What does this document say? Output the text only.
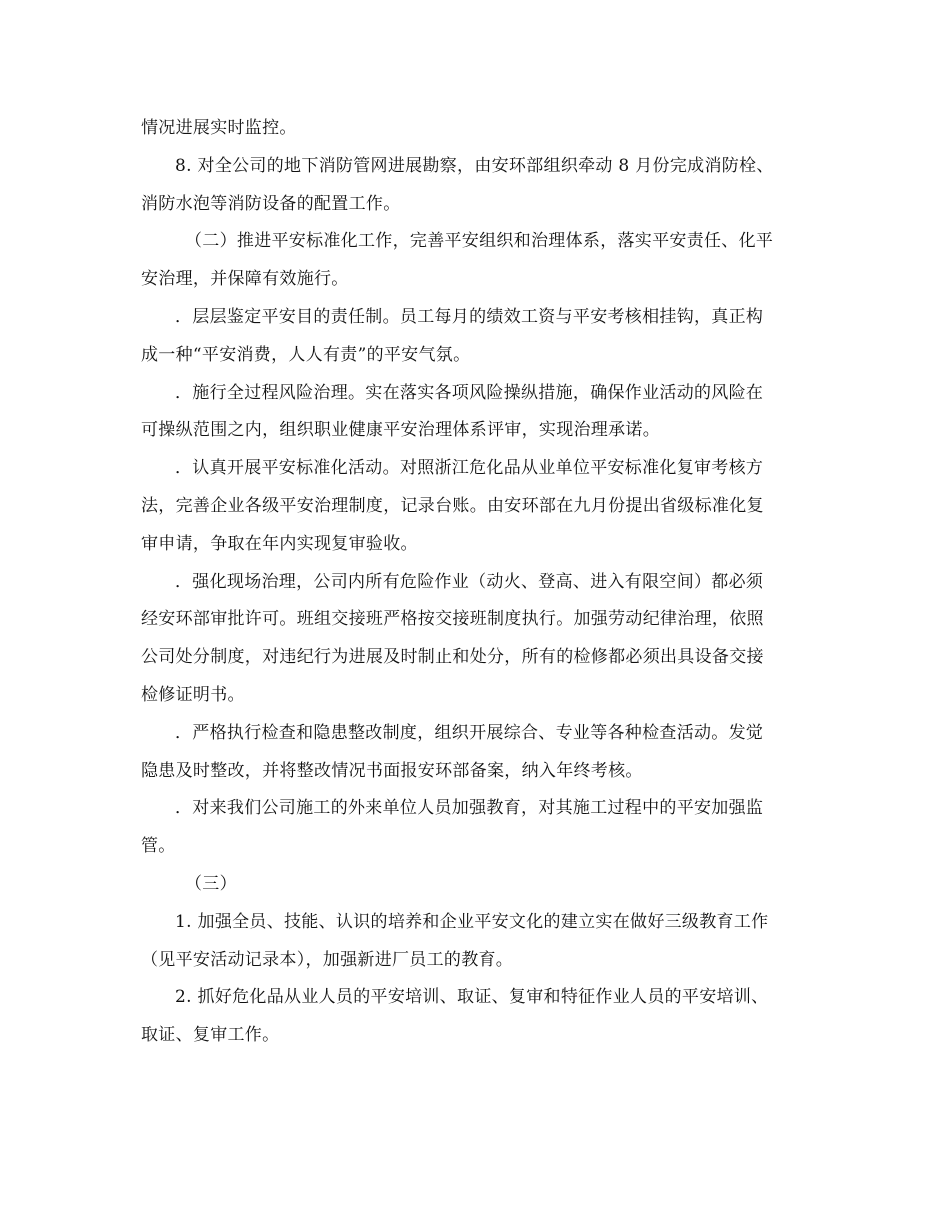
情况进展实时监控。

8. 对全公司的地下消防管网进展勘察，由安环部组织牵动 8 月份完成消防栓、
消防水泡等消防设备的配置工作。

（二）推进平安标准化工作，完善平安组织和治理体系，落实平安责任、化平
安治理，并保障有效施行。

．层层鉴定平安目的责任制。员工每月的绩效工资与平安考核相挂钩，真正构
成一种“平安消费，人人有责”的平安气氛。

．施行全过程风险治理。实在落实各项风险操纵措施，确保作业活动的风险在
可操纵范围之内，组织职业健康平安治理体系评审，实现治理承诺。

．认真开展平安标准化活动。对照浙江危化品从业单位平安标准化复审考核方
法，完善企业各级平安治理制度，记录台账。由安环部在九月份提出省级标准化复
审申请，争取在年内实现复审验收。

．强化现场治理，公司内所有危险作业（动火、登高、进入有限空间）都必须
经安环部审批许可。班组交接班严格按交接班制度执行。加强劳动纪律治理，依照
公司处分制度，对违纪行为进展及时制止和处分，所有的检修都必须出具设备交接
检修证明书。

．严格执行检查和隐患整改制度，组织开展综合、专业等各种检查活动。发觉
隐患及时整改，并将整改情况书面报安环部备案，纳入年终考核。

．对来我们公司施工的外来单位人员加强教育，对其施工过程中的平安加强监
管。

（三）

1. 加强全员、技能、认识的培养和企业平安文化的建立实在做好三级教育工作
（见平安活动记录本），加强新进厂员工的教育。

2. 抓好危化品从业人员的平安培训、取证、复审和特征作业人员的平安培训、
取证、复审工作。
